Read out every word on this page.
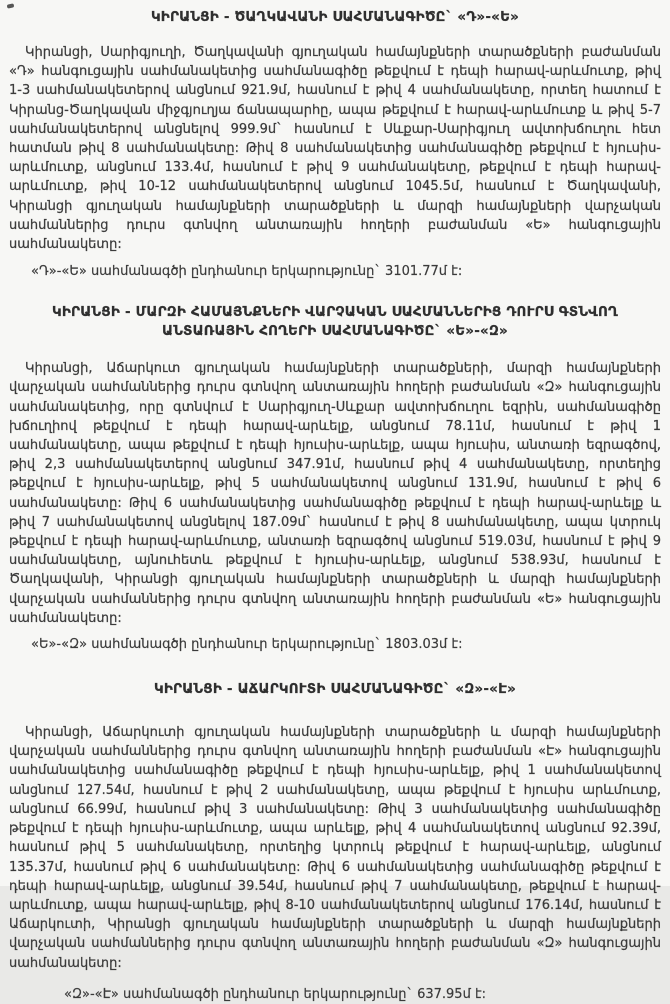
ԿԻՐԱՆՑԻ - ԾԱՂԿԱՎԱՆԻ ՍԱՀՄԱՆԱԳԻԾԸ` «Դ»-«Ե»

Կիրանցի, Սարիգյուղի, Ծաղկավանի գյուղական համայնքների տարածքների բաժանման «Դ» հանգուցային սահմանակետից սահմանագիծը թեքվում է դեպի հարավ-արևմուտք, թիվ 1-3 սահմանակետերով անցնում 921.9մ, հասնում է թիվ 4 սահմանակետը, որտեղ հատում է Կիրանց-Ծաղկավան միջգյուղյա ճանապարհը, ապա թեքվում է հարավ-արևմուտք և թիվ 5-7 սահմանակետերով անցնելով 999.9մ` հասնում է Սևքար-Սարիգյուղ ավտոխճուղու հետ հատման թիվ 8 սահմանակետը: Թիվ 8 սահմանակետից սահմանագիծը թեքվում է հյուսիս-արևմուտք, անցնում 133.4մ, հասնում է թիվ 9 սահմանակետը, թեքվում է դեպի հարավ-արևմուտք, թիվ 10-12 սահմանակետերով անցնում 1045.5մ, հասնում է Ծաղկավանի, Կիրանցի գյուղական համայնքների տարածքների և մարզի համայնքների վարչական սահմաններից դուրս գտնվող անտառային հողերի բաժանման «Ե» հանգուցային սահմանակետը:

«Դ»-«Ե» սահմանագծի ընդհանուր երկարությունը` 3101.77մ է:

ԿԻՐԱՆՑԻ - ՄԱՐԶԻ ՀԱՄԱՅՆՔՆԵՐԻ ՎԱՐՉԱԿԱՆ ՍԱՀՄԱՆՆԵՐԻՑ ԴՈՒՐՍ ԳՏՆՎՈՂ
ԱՆՏԱՌԱՅԻՆ ՀՈՂԵՐԻ ՍԱՀՄԱՆԱԳԻԾԸ` «Ե»-«Զ»

Կիրանցի, Աճարկուտ գյուղական համայնքների տարածքների, մարզի համայնքների վարչական սահմաններից դուրս գտնվող անտառային հողերի բաժանման «Զ» հանգուցային սահմանակետից, որը գտնվում է Սարիգյուղ-Սևքար ավտոխճուղու եզրին, սահմանագիծը խճուղիով թեքվում է դեպի հարավ-արևելք, անցնում 78.11մ, հասնում է թիվ 1 սահմանակետը, ապա թեքվում է դեպի հյուսիս-արևելք, ապա հյուսիս, անտառի եզրագծով, թիվ 2,3 սահմանակետերով անցնում 347.91մ, հասնում թիվ 4 սահմանակետը, որտեղից թեքվում է հյուսիս-արևելք, թիվ 5 սահմանակետով անցնում 131.9մ, հասնում է թիվ 6 սահմանակետը: Թիվ 6 սահմանակետից սահմանագիծը թեքվում է դեպի հարավ-արևելք և թիվ 7 սահմանակետով անցնելով 187.09մ` հասնում է թիվ 8 սահմանակետը, ապա կտրուկ թեքվում է դեպի հարավ-արևմուտք, անտառի եզրագծով անցնում 519.03մ, հասնում է թիվ 9 սահմանակետը, այնուհետև թեքվում է հյուսիս-արևելք, անցնում 538.93մ, հասնում է Ծաղկավանի, Կիրանցի գյուղական համայնքների տարածքների և մարզի համայնքների վարչական սահմաններից դուրս գտնվող անտառային հողերի բաժանման «Ե» հանգուցային սահմանակետը:

«Ե»-«Զ» սահմանագծի ընդհանուր երկարությունը` 1803.03մ է:

ԿԻՐԱՆՑԻ - ԱՃԱՐԿՈՒՏԻ ՍԱՀՄԱՆԱԳԻԾԸ` «Զ»-«Է»

Կիրանցի, Աճարկուտի գյուղական համայնքների տարածքների և մարզի համայնքների վարչական սահմաններից դուրս գտնվող անտառային հողերի բաժանման «Է» հանգուցային սահմանակետից սահմանագիծը թեքվում է դեպի հյուսիս-արևելք, թիվ 1 սահմանակետով անցնում 127.54մ, հասնում է թիվ 2 սահմանակետը, ապա թեքվում է հյուսիս արևմուտք, անցնում 66.99մ, հասնում թիվ 3 սահմանակետը: Թիվ 3 սահմանակետից սահմանագիծը թեքվում է դեպի հյուսիս-արևմուտք, ապա արևելք, թիվ 4 սահմանակետով անցնում 92.39մ, հասնում թիվ 5 սահմանակետը, որտեղից կտրուկ թեքվում է հարավ-արևելք, անցնում 135.37մ, հասնում թիվ 6 սահմանակետը: Թիվ 6 սահմանակետից սահմանագիծը թեքվում է դեպի հարավ-արևելք, անցնում 39.54մ, հասնում թիվ 7 սահմանակետը, թեքվում է հարավ-արևմուտք, ապա հարավ-արևելք, թիվ 8-10 սահմանակետերով անցնում 176.14մ, հասնում է Աճարկուտի, Կիրանցի գյուղական համայնքների տարածքների և մարզի համայնքների վարչական սահմաններից դուրս գտնվող անտառային հողերի բաժանման «Զ» հանգուցային սահմանակետը:

«Զ»-«Է» սահմանագծի ընդհանուր երկարությունը` 637.95մ է:
